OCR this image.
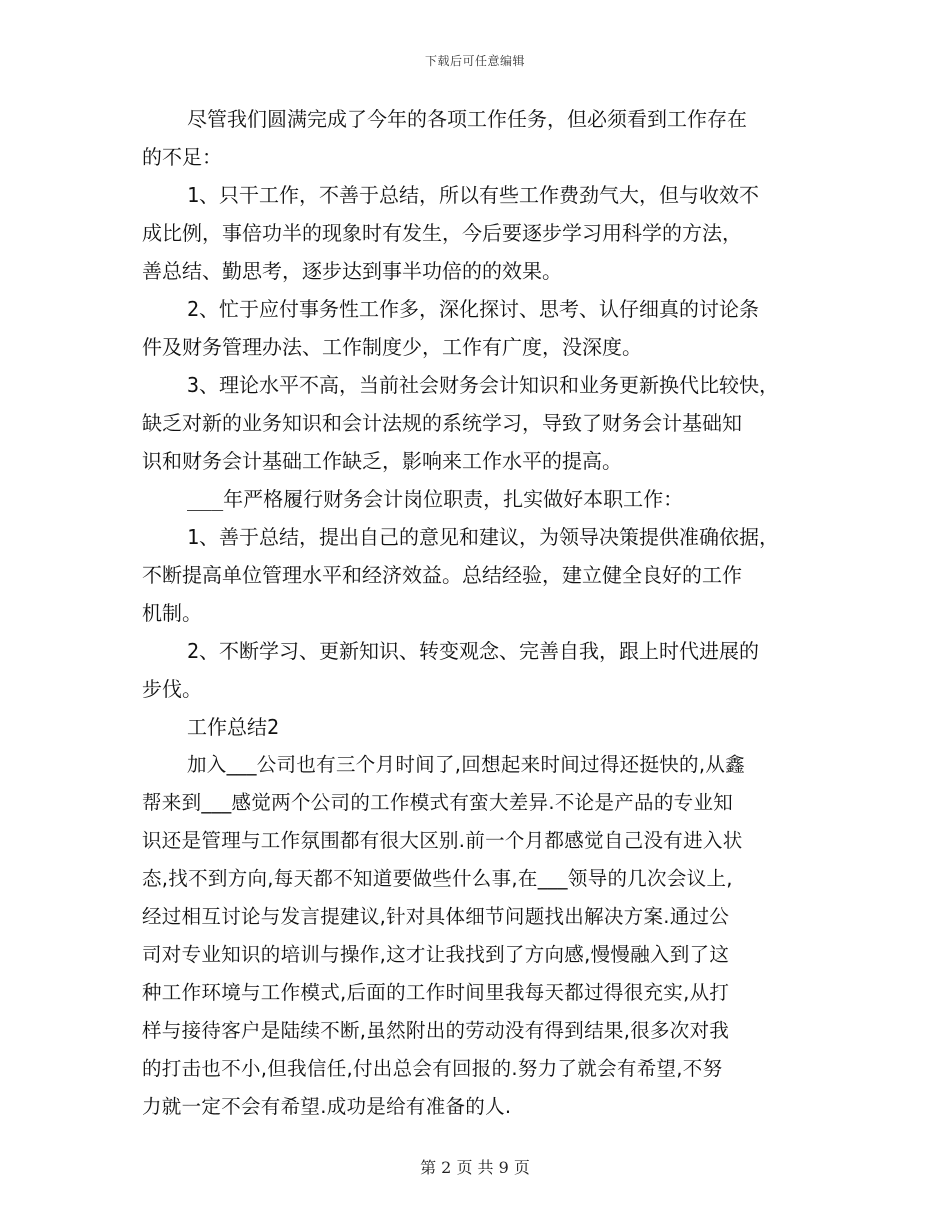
下载后可任意编辑
尽管我们圆满完成了今年的各项工作任务，但必须看到工作存在
的不足：
1、只干工作，不善于总结，所以有些工作费劲气大，但与收效不
成比例，事倍功半的现象时有发生，今后要逐步学习用科学的方法，
善总结、勤思考，逐步达到事半功倍的的效果。
2、忙于应付事务性工作多，深化探讨、思考、认仔细真的讨论条
件及财务管理办法、工作制度少，工作有广度，没深度。
3、理论水平不高，当前社会财务会计知识和业务更新换代比较快，
缺乏对新的业务知识和会计法规的系统学习，导致了财务会计基础知
识和财务会计基础工作缺乏，影响来工作水平的提高。
___年严格履行财务会计岗位职责，扎实做好本职工作：
1、善于总结，提出自己的意见和建议，为领导决策提供准确依据，
不断提高单位管理水平和经济效益。总结经验，建立健全良好的工作
机制。
2、不断学习、更新知识、转变观念、完善自我，跟上时代进展的
步伐。
工作总结2
加入___公司也有三个月时间了,回想起来时间过得还挺快的,从鑫
帮来到___感觉两个公司的工作模式有蛮大差异.不论是产品的专业知
识还是管理与工作氛围都有很大区别.前一个月都感觉自己没有进入状
态,找不到方向,每天都不知道要做些什么事,在___领导的几次会议上,
经过相互讨论与发言提建议,针对具体细节问题找出解决方案.通过公
司对专业知识的培训与操作,这才让我找到了方向感,慢慢融入到了这
种工作环境与工作模式,后面的工作时间里我每天都过得很充实,从打
样与接待客户是陆续不断,虽然附出的劳动没有得到结果,很多次对我
的打击也不小,但我信任,付出总会有回报的.努力了就会有希望,不努
力就一定不会有希望.成功是给有准备的人.
第 2 页 共 9 页
